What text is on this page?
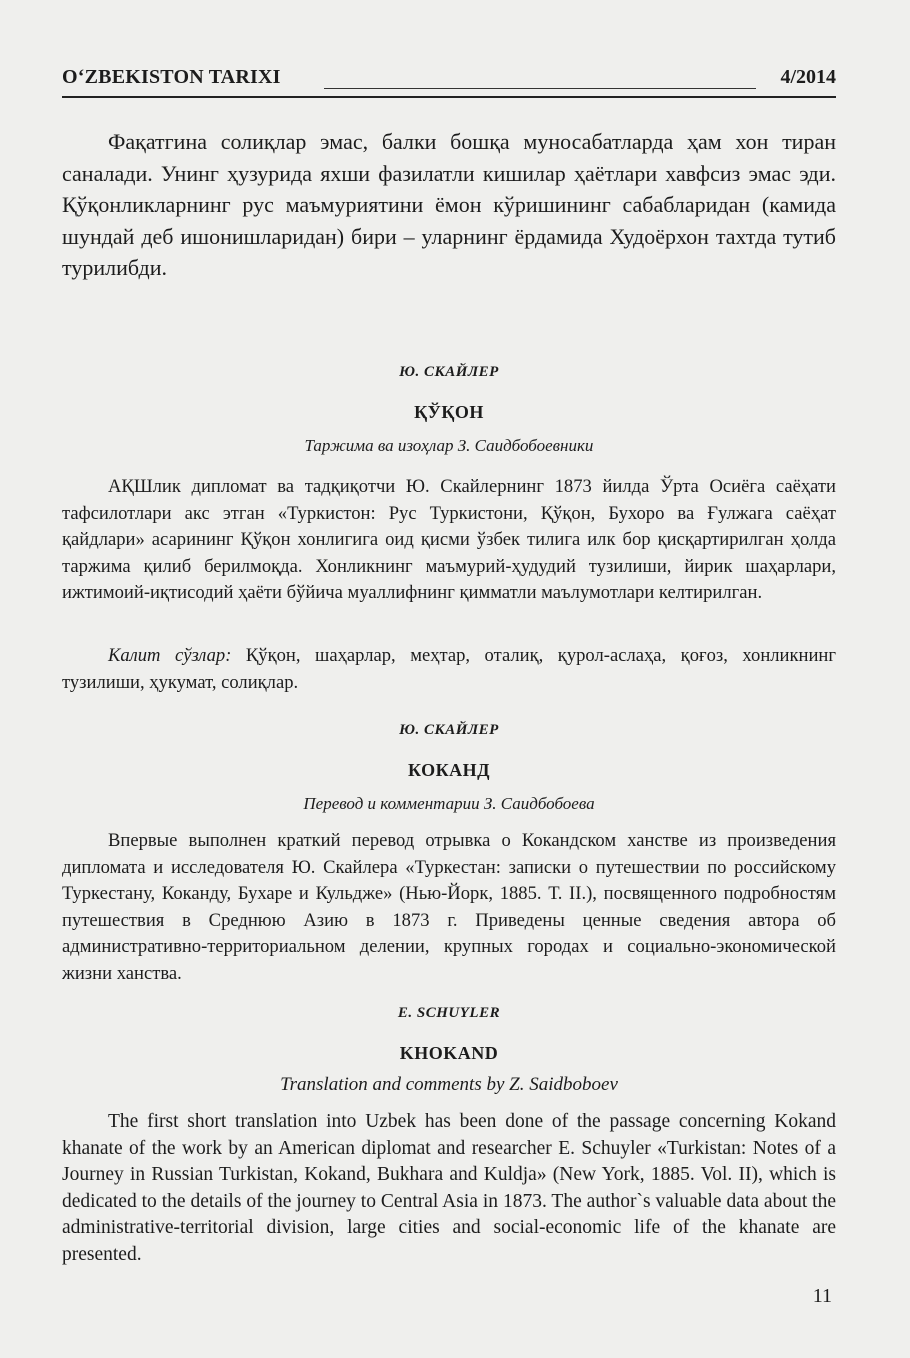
O‘ZBEKISTON TARIXI	4/2014

Фақатгина солиқлар эмас, балки бошқа муносабатларда ҳам хон тиран саналади. Унинг ҳузурида яхши фазилатли кишилар ҳаётлари хавфсиз эмас эди. Қўқонликларнинг рус маъмуриятини ёмон кўришининг сабабларидан (камида шундай деб ишонишларидан) бири – уларнинг ёрдамида Худоёрхон тахтда тутиб турилибди.

Ю. СКАЙЛЕР
ҚЎҚОН
Таржима ва изоҳлар З. Саидбобоевники

АҚШлик дипломат ва тадқиқотчи Ю. Скайлернинг 1873 йилда Ўрта Осиёга саёҳати тафсилотлари акс этган «Туркистон: Рус Туркистони, Қўқон, Бухоро ва Ғулжага саёҳат қайдлари» асарининг Қўқон хонлигига оид қисми ўзбек тилига илк бор қисқартирилган ҳолда таржима қилиб берилмоқда. Хонликнинг маъмурий-ҳудудий тузилиши, йирик шаҳарлари, ижтимоий-иқтисодий ҳаёти бўйича муаллифнинг қимматли маълумотлари келтирилган.

Калит сўзлар: Қўқон, шаҳарлар, меҳтар, оталиқ, қурол-аслаҳа, қоғоз, хонликнинг тузилиши, ҳукумат, солиқлар.

Ю. СКАЙЛЕР
КОКАНД
Перевод и комментарии З. Саидбобоева

Впервые выполнен краткий перевод отрывка о Кокандском ханстве из произведения дипломата и исследователя Ю. Скайлера «Туркестан: записки о путешествии по российскому Туркестану, Коканду, Бухаре и Кульдже» (Нью-Йорк, 1885. Т. II.), посвященного подробностям путешествия в Среднюю Азию в 1873 г. Приведены ценные сведения автора об административно-территориальном делении, крупных городах и социально-экономической жизни ханства.

E. SCHUYLER
KHOKAND
Translation and comments by Z. Saidboboev

The first short translation into Uzbek has been done of the passage concerning Kokand khanate of the work by an American diplomat and researcher E. Schuyler «Turkistan: Notes of a Journey in Russian Turkistan, Kokand, Bukhara and Kuldja» (New York, 1885. Vol. II), which is dedicated to the details of the journey to Central Asia in 1873. The author`s valuable data about the administrative-territorial division, large cities and social-economic life of the khanate are presented.

11
